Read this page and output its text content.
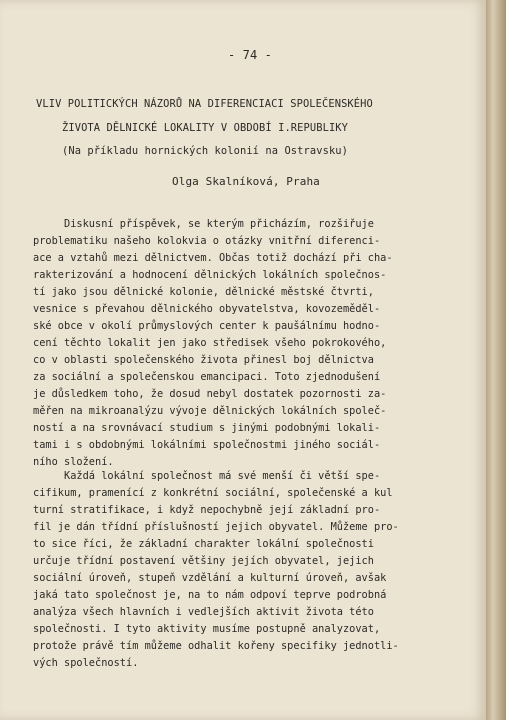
- 74 -
VLIV POLITICKÝCH NÁZORŮ NA DIFERENCIACI SPOLEČENSKÉHO
ŽIVOTA DĚLNICKÉ LOKALITY V OBDOBÍ I.REPUBLIKY
(Na příkladu hornických kolonií na Ostravsku)
Olga Skalníková, Praha
Diskusní příspěvek, se kterým přicházím, rozšiřuje
problematiku našeho kolokvia o otázky vnitřní diferenci-
ace a vztahů mezi dělnictvem. Občas totiž dochází při cha-
rakterizování a hodnocení dělnických lokálních společnos-
tí jako jsou dělnické kolonie, dělnické městské čtvrti,
vesnice s převahou dělnického obyvatelstva, kovozeměděl-
ské obce v okolí průmyslových center k paušálnímu hodno-
cení těchto lokalit jen jako středisek všeho pokrokového,
co v oblasti společenského života přinesl boj dělnictva
za sociální a společenskou emancipaci. Toto zjednodušení
je důsledkem toho, že dosud nebyl dostatek pozornosti za-
měřen na mikroanalýzu vývoje dělnických lokálních společ-
ností a na srovnávací studium s jinými podobnými lokali-
tami i s obdobnými lokálními společnostmi jiného sociál-
ního složení.
Každá lokální společnost má své menší či větší spe-
cifikum, pramenící z konkrétní sociální, společenské a kul
turní stratifikace, i když nepochybně její základní pro-
fil je dán třídní příslušností jejich obyvatel. Můžeme pro-
to sice říci, že základní charakter lokální společnosti
určuje třídní postavení většiny jejích obyvatel, jejich
sociální úroveň, stupeň vzdělání a kulturní úroveň, avšak
jaká tato společnost je, na to nám odpoví teprve podrobná
analýza všech hlavních i vedlejších aktivit života této
společnosti. I tyto aktivity musíme postupně analyzovat,
protože právě tím můžeme odhalit kořeny specifiky jednotli-
vých společností.
